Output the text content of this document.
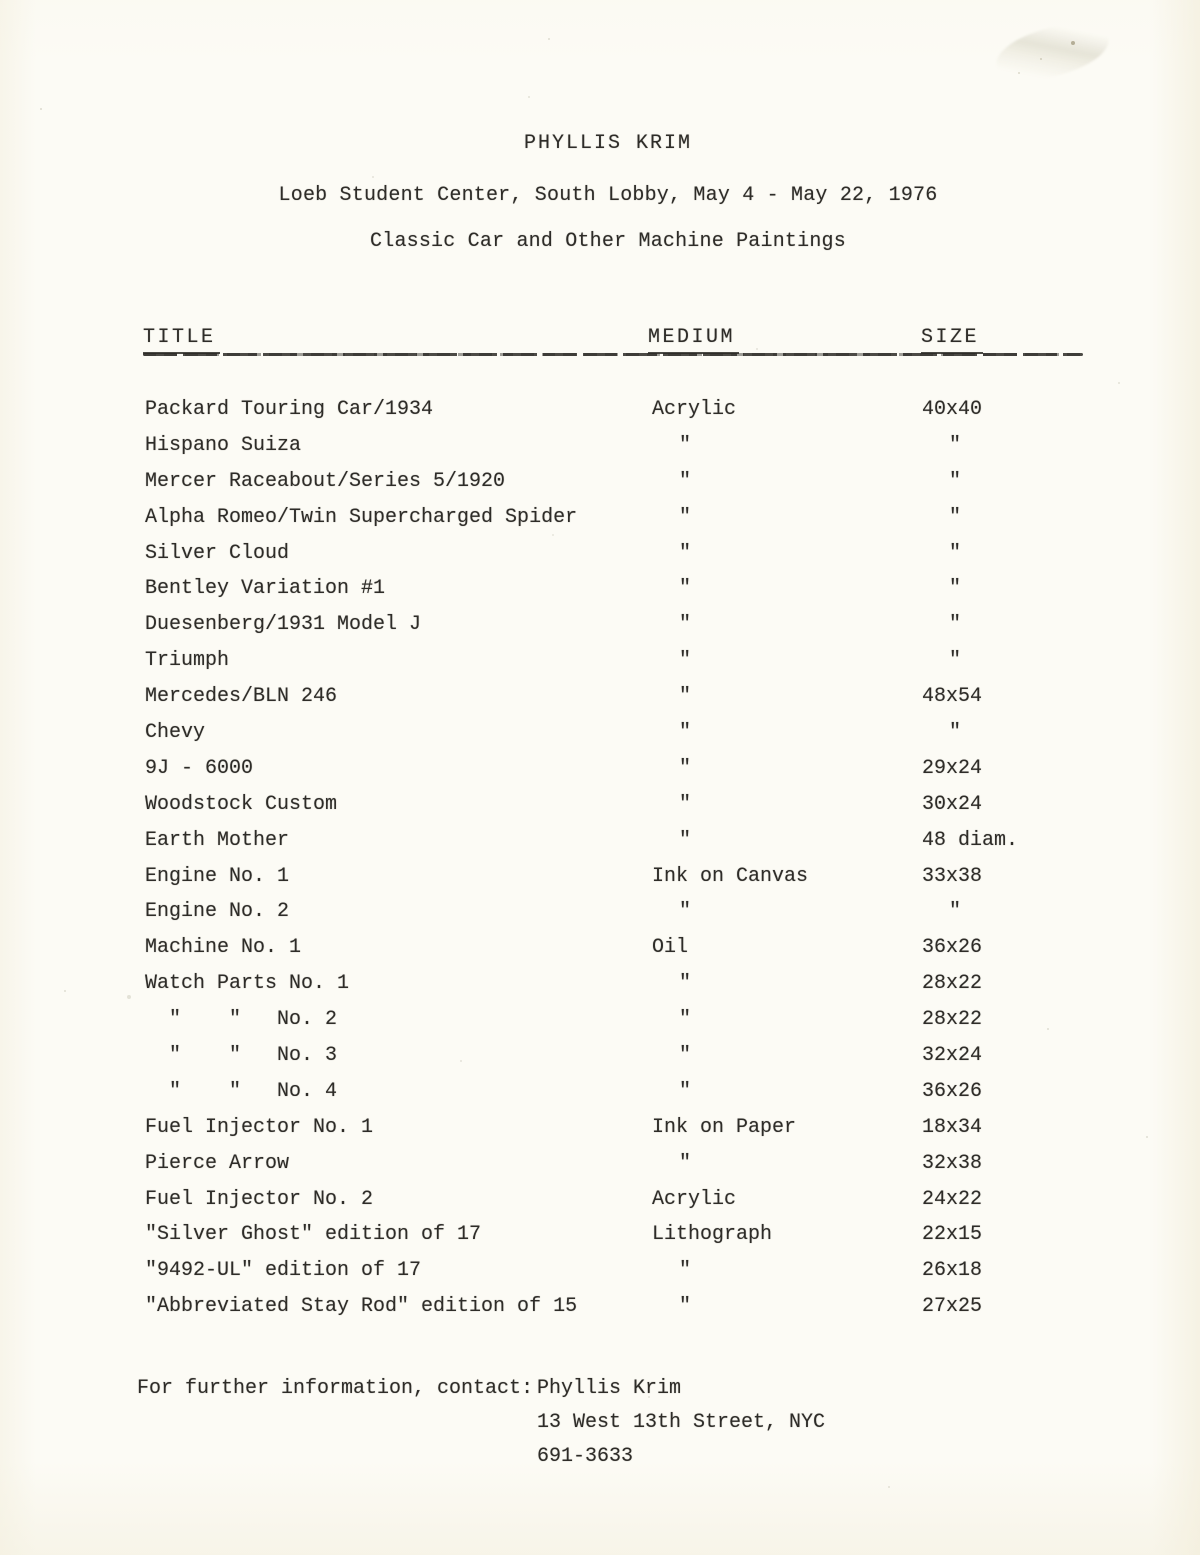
PHYLLIS KRIM
Loeb Student Center, South Lobby, May 4 - May 22, 1976
Classic Car and Other Machine Paintings
TITLE	MEDIUM	SIZE
Packard Touring Car/1934	Acrylic	40x40
Hispano Suiza	"	"
Mercer Raceabout/Series 5/1920	"	"
Alpha Romeo/Twin Supercharged Spider	"	"
Silver Cloud	"	"
Bentley Variation #1	"	"
Duesenberg/1931 Model J	"	"
Triumph	"	"
Mercedes/BLN 246	"	48x54
Chevy	"	"
9J - 6000	"	29x24
Woodstock Custom	"	30x24
Earth Mother	"	48 diam.
Engine No. 1	Ink on Canvas	33x38
Engine No. 2	"	"
Machine No. 1	Oil	36x26
Watch Parts No. 1	"	28x22
"    "   No. 2	"	28x22
"    "   No. 3	"	32x24
"    "   No. 4	"	36x26
Fuel Injector No. 1	Ink on Paper	18x34
Pierce Arrow	"	32x38
Fuel Injector No. 2	Acrylic	24x22
"Silver Ghost" edition of 17	Lithograph	22x15
"9492-UL" edition of 17	"	26x18
"Abbreviated Stay Rod" edition of 15	"	27x25
For further information, contact: Phyllis Krim
13 West 13th Street, NYC
691-3633
